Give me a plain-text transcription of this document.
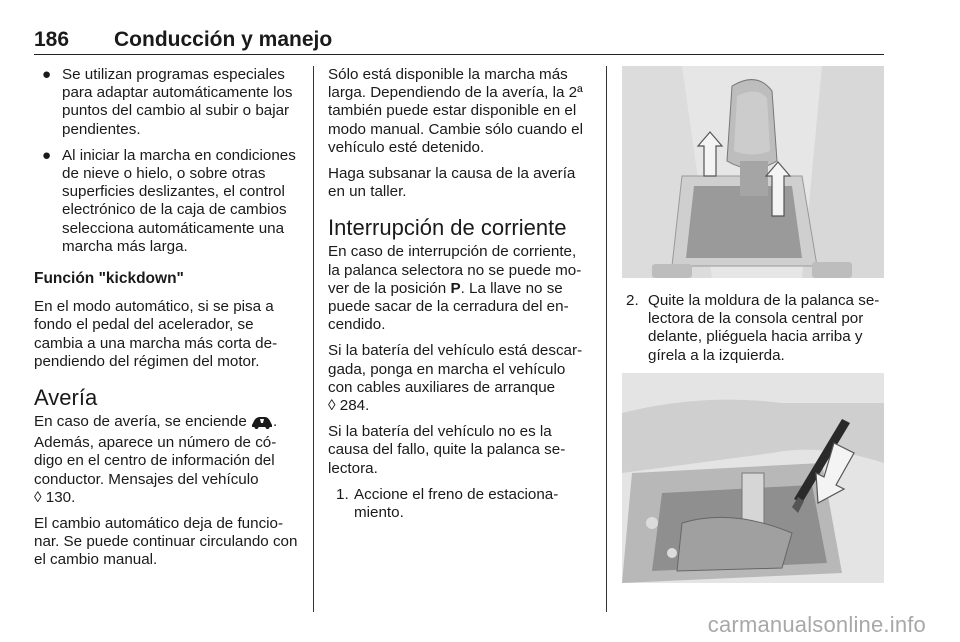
186 Conducción y manejo
● Se utilizan programas especiales para adaptar automáticamente los puntos del cambio al subir o bajar pendientes.
● Al iniciar la marcha en condiciones de nieve o hielo, o sobre otras superficies deslizantes, el control electrónico de la caja de cambios selecciona automáticamente una marcha más larga.
Función "kickdown"

En el modo automático, si se pisa a fondo el pedal del acelerador, se cambia a una marcha más corta dependiendo del régimen del motor.

Avería

En caso de avería, se enciende . Además, aparece un número de código en el centro de información del conductor. Mensajes del vehículo
◊ 130.

El cambio automático deja de funcionar. Se puede continuar circulando con el cambio manual.

Sólo está disponible la marcha más larga. Dependiendo de la avería, la 2ª también puede estar disponible en el modo manual. Cambie sólo cuando el vehículo esté detenido.

Haga subsanar la causa de la avería en un taller.

Interrupción de corriente

En caso de interrupción de corriente, la palanca selectora no se puede mover de la posición P. La llave no se puede sacar de la cerradura del encendido.

Si la batería del vehículo está descargada, ponga en marcha el vehículo con cables auxiliares de arranque
◊ 284.

Si la batería del vehículo no es la causa del fallo, quite la palanca selectora.

1. Accione el freno de estacionamiento.
2. Quite la moldura de la palanca selectora de la consola central por delante, pliéguela hacia arriba y gírela a la izquierda.
carmanualsonline.info
